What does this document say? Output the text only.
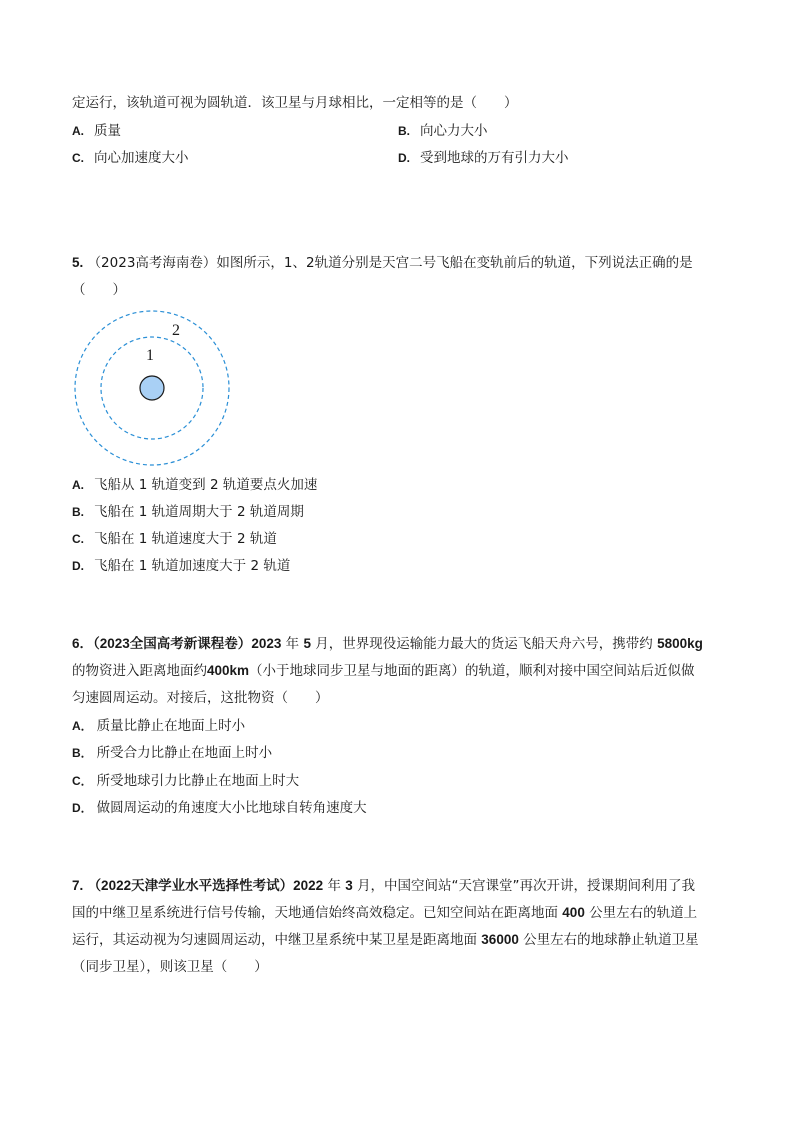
定运行，该轨道可视为圆轨道．该卫星与月球相比，一定相等的是（　　）
A. 质量	B. 向心力大小
C. 向心加速度大小	D. 受到地球的万有引力大小
5. （2023高考海南卷）如图所示，1、2轨道分别是天宫二号飞船在变轨前后的轨道，下列说法正确的是
（　　）
1
2
A. 飞船从 1 轨道变到 2 轨道要点火加速
B. 飞船在 1 轨道周期大于 2 轨道周期
C. 飞船在 1 轨道速度大于 2 轨道
D. 飞船在 1 轨道加速度大于 2 轨道
6．（2023全国高考新课程卷）2023 年 5 月，世界现役运输能力最大的货运飞船天舟六号，携带约 5800kg
的物资进入距离地面约400km（小于地球同步卫星与地面的距离）的轨道，顺利对接中国空间站后近似做
匀速圆周运动。对接后，这批物资（　　）
A． 质量比静止在地面上时小
B． 所受合力比静止在地面上时小
C． 所受地球引力比静止在地面上时大
D． 做圆周运动的角速度大小比地球自转角速度大
7. （2022天津学业水平选择性考试）2022 年 3 月，中国空间站“天宫课堂”再次开讲，授课期间利用了我
国的中继卫星系统进行信号传输，天地通信始终高效稳定。已知空间站在距离地面 400 公里左右的轨道上
运行，其运动视为匀速圆周运动，中继卫星系统中某卫星是距离地面 36000 公里左右的地球静止轨道卫星
（同步卫星），则该卫星（　　）
